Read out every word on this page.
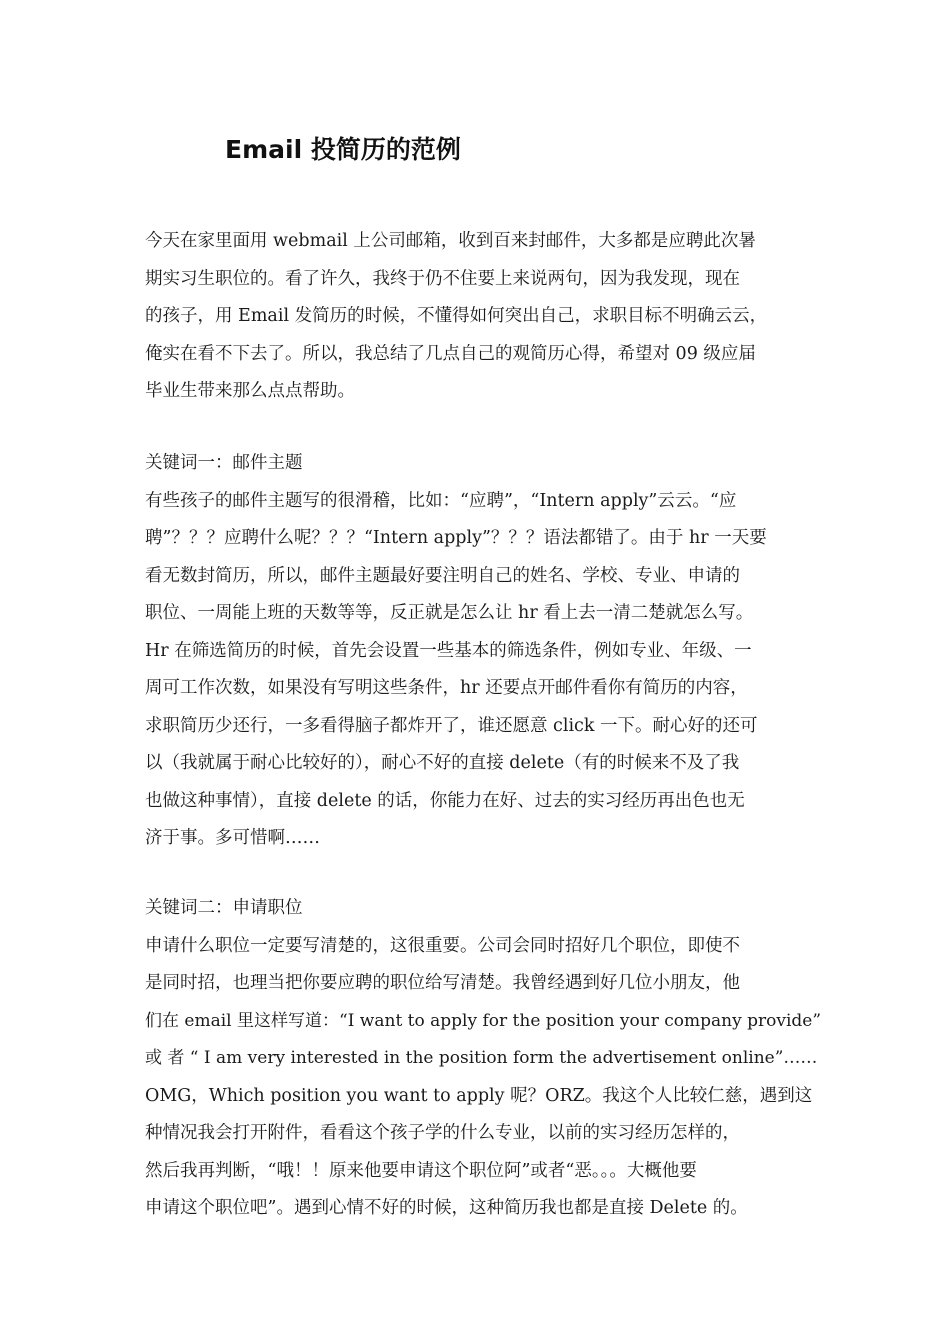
Email 投简历的范例
今天在家里面用 webmail 上公司邮箱，收到百来封邮件，大多都是应聘此次暑
期实习生职位的。看了许久，我终于仍不住要上来说两句，因为我发现，现在
的孩子，用 Email 发简历的时候，不懂得如何突出自己，求职目标不明确云云，
俺实在看不下去了。所以，我总结了几点自己的观简历心得，希望对 09 级应届
毕业生带来那么点点帮助。
关键词一：邮件主题
有些孩子的邮件主题写的很滑稽，比如：“应聘”，“Intern apply”云云。“应
聘”？？？应聘什么呢？？？“Intern apply”？？？语法都错了。由于 hr 一天要
看无数封简历，所以，邮件主题最好要注明自己的姓名、学校、专业、申请的
职位、一周能上班的天数等等，反正就是怎么让 hr 看上去一清二楚就怎么写。
Hr 在筛选简历的时候，首先会设置一些基本的筛选条件，例如专业、年级、一
周可工作次数，如果没有写明这些条件，hr 还要点开邮件看你有简历的内容，
求职简历少还行，一多看得脑子都炸开了，谁还愿意 click 一下。耐心好的还可
以（我就属于耐心比较好的），耐心不好的直接 delete（有的时候来不及了我
也做这种事情），直接 delete 的话，你能力在好、过去的实习经历再出色也无
济于事。多可惜啊……
关键词二：申请职位
申请什么职位一定要写清楚的，这很重要。公司会同时招好几个职位，即使不
是同时招，也理当把你要应聘的职位给写清楚。我曾经遇到好几位小朋友，他
们在 email 里这样写道：“I want to apply for the position your company provide”
或 者 “ I am very interested in the position form the advertisement online”……
OMG，Which position you want to apply 呢？ORZ。我这个人比较仁慈，遇到这
种情况我会打开附件，看看这个孩子学的什么专业，以前的实习经历怎样的，
然后我再判断，“哦！！原来他要申请这个职位阿”或者“恶。。。大概他要
申请这个职位吧”。遇到心情不好的时候，这种简历我也都是直接 Delete 的。
